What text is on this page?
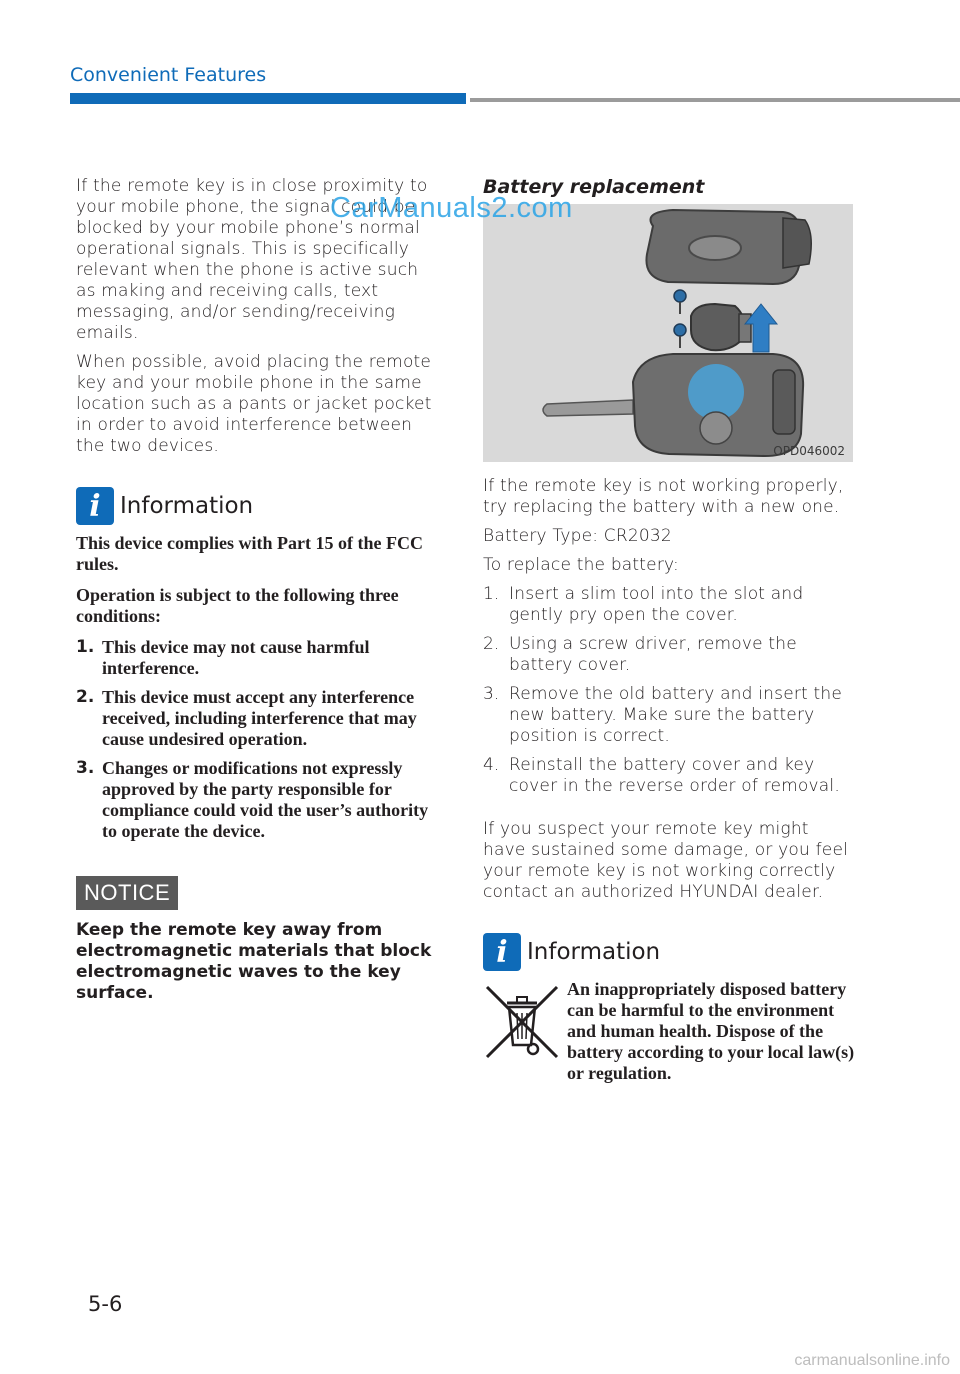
Convenient Features

If the remote key is in close proximity to your mobile phone, the signal could be blocked by your mobile phone’s normal operational signals. This is specifically relevant when the phone is active such as making and receiving calls, text messaging, and/or sending/receiving emails.

When possible, avoid placing the remote key and your mobile phone in the same location such as a pants or jacket pocket in order to avoid interference between the two devices.

i Information

This device complies with Part 15 of the FCC rules.

Operation is subject to the following three conditions:

1. This device may not cause harmful interference.
2. This device must accept any interference received, including interference that may cause undesired operation.
3. Changes or modifications not expressly approved by the party responsible for compliance could void the user’s authority to operate the device.
NOTICE

Keep the remote key away from electromagnetic materials that block electromagnetic waves to the key surface.

Battery replacement
OPD046002

If the remote key is not working properly, try replacing the battery with a new one.

Battery Type: CR2032

To replace the battery:

1. Insert a slim tool into the slot and gently pry open the cover.
2. Using a screw driver, remove the battery cover.
3. Remove the old battery and insert the new battery. Make sure the battery position is correct.
4. Reinstall the battery cover and key cover in the reverse order of removal.

If you suspect your remote key might have sustained some damage, or you feel your remote key is not working correctly contact an authorized HYUNDAI dealer.

i Information

An inappropriately disposed battery can be harmful to the environment and human health. Dispose of the battery according to your local law(s) or regulation.

CarManuals2.com
5-6
carmanualsonline.info
